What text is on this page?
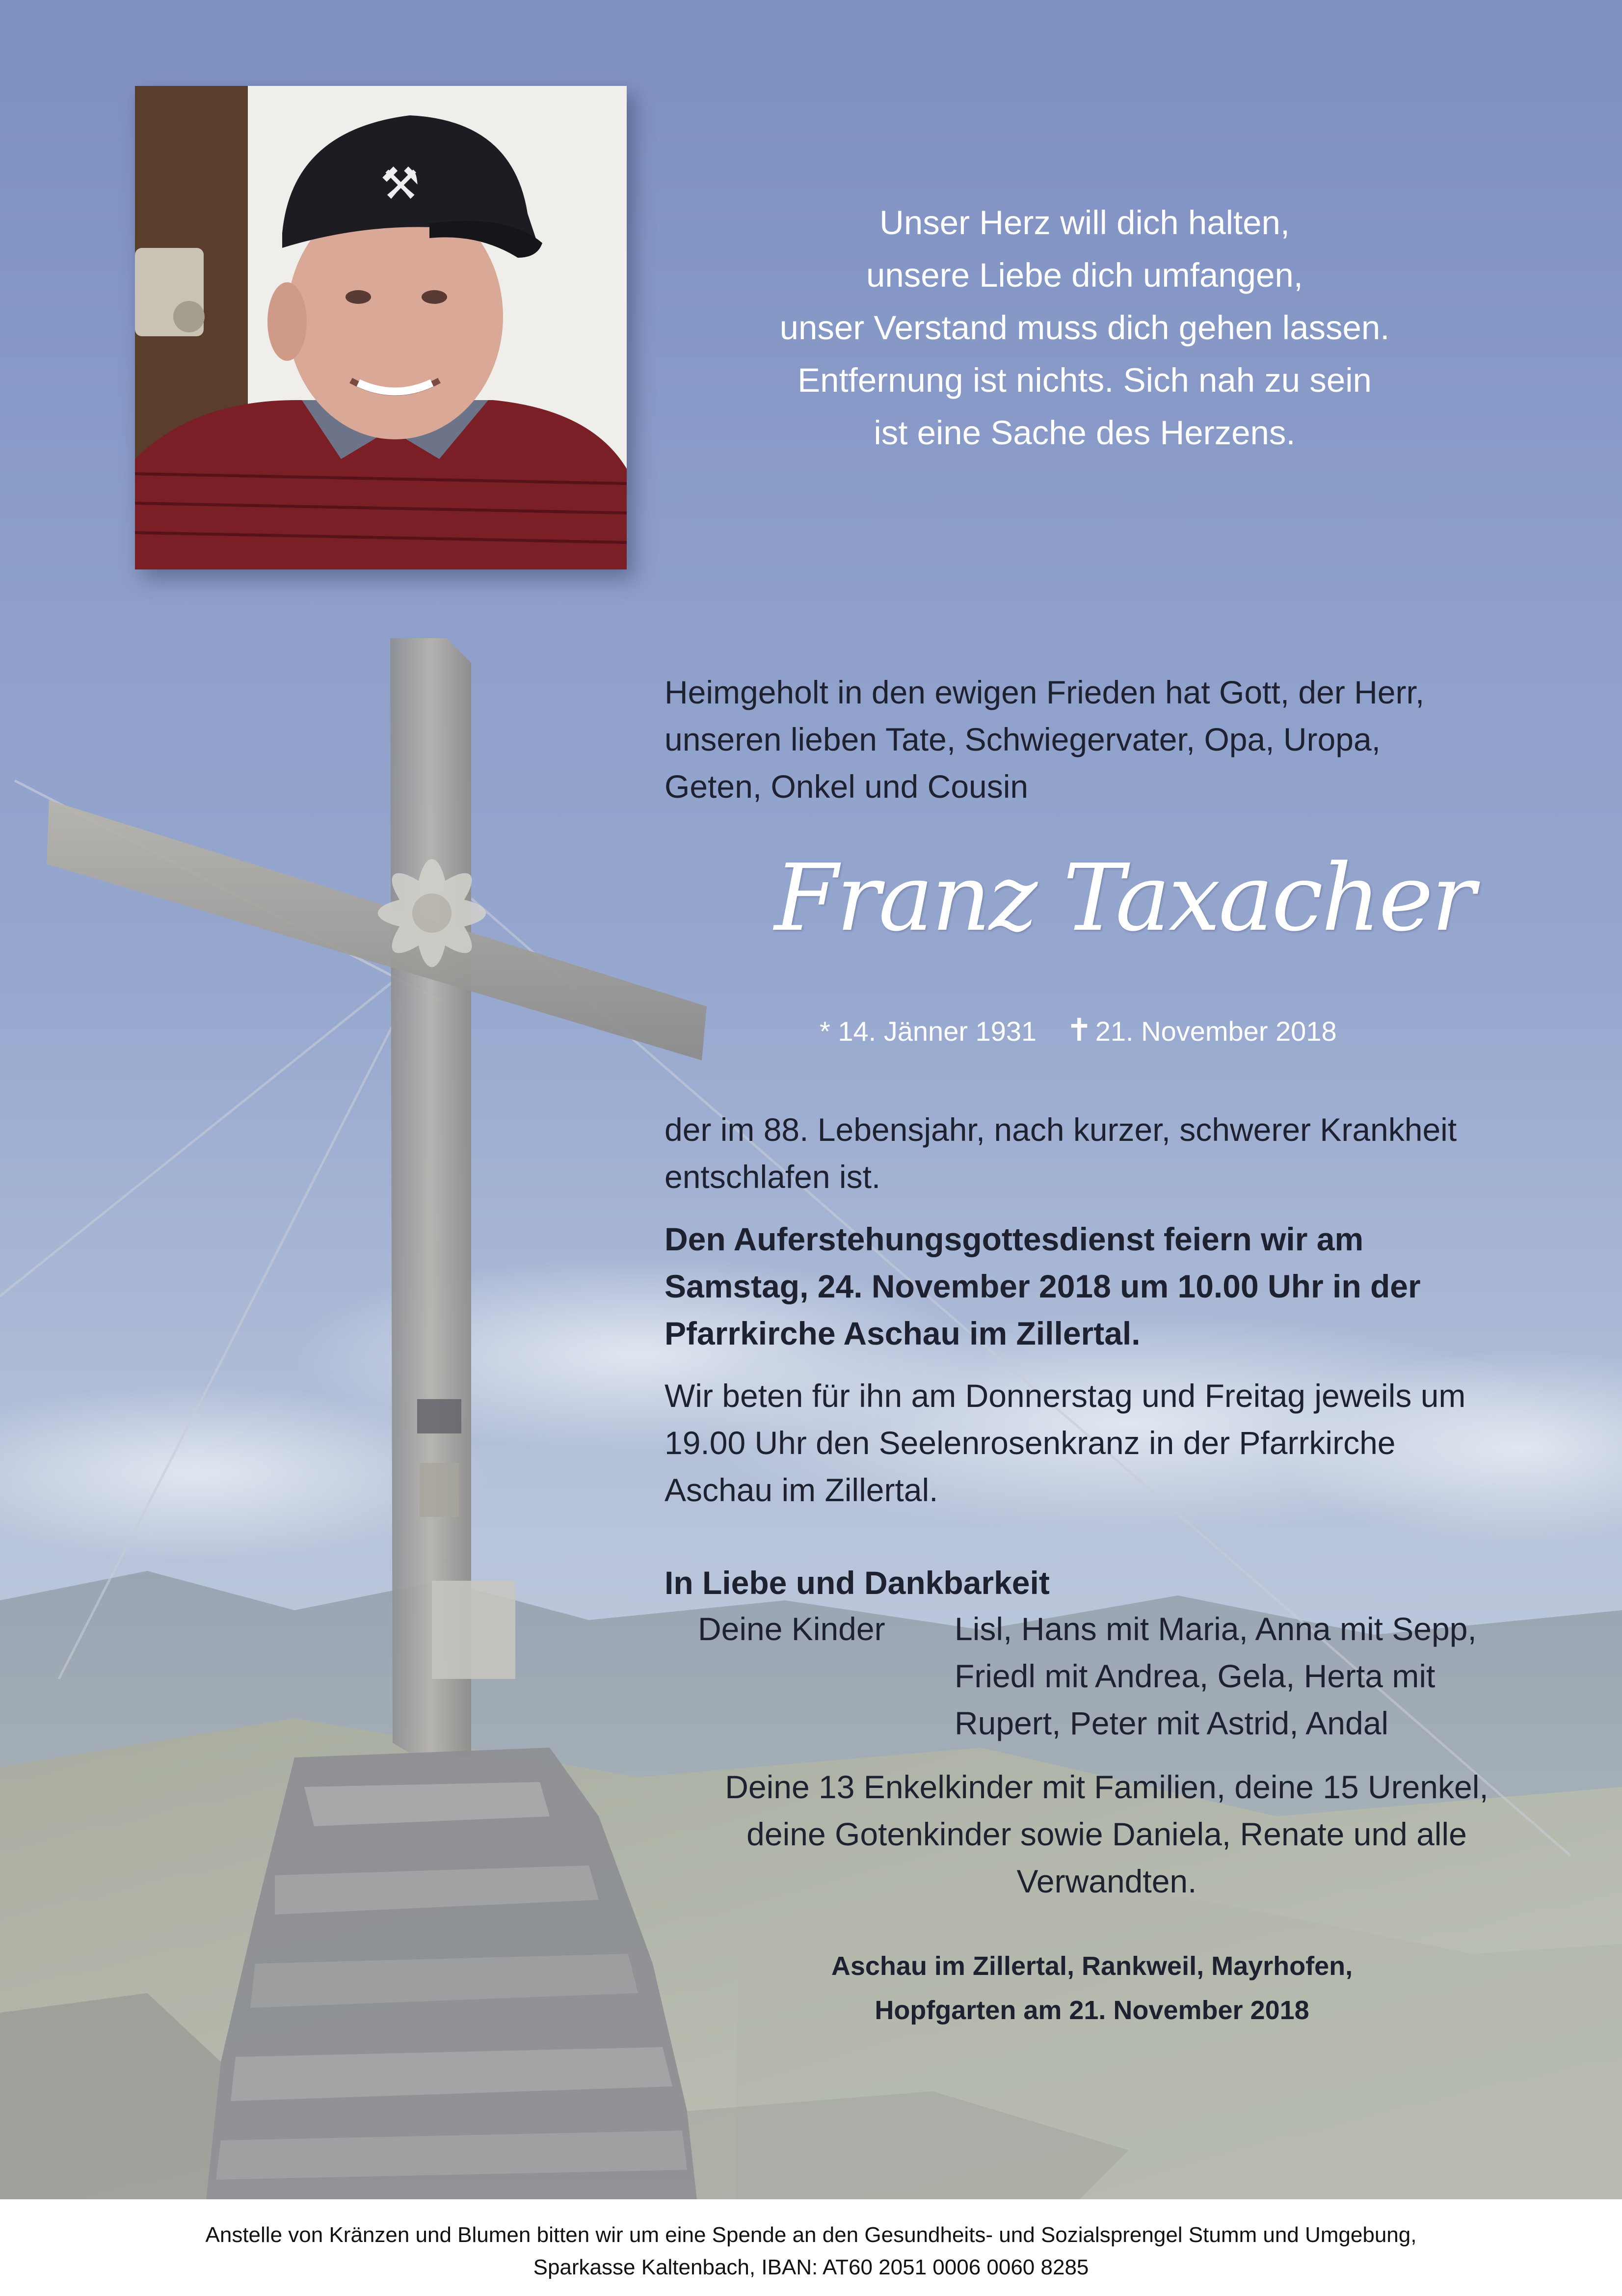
⚒
Unser Herz will dich halten,
unsere Liebe dich umfangen,
unser Verstand muss dich gehen lassen.
Entfernung ist nichts. Sich nah zu sein
ist eine Sache des Herzens.
Heimgeholt in den ewigen Frieden hat Gott, der Herr,
unseren lieben Tate, Schwiegervater, Opa, Uropa,
Geten, Onkel und Cousin
Franz Taxacher
* 14. Jänner 1931 ✝ 21. November 2018
der im 88. Lebensjahr, nach kurzer, schwerer Krankheit
entschlafen ist.
Den Auferstehungsgottesdienst feiern wir am
Samstag, 24. November 2018 um 10.00 Uhr in der
Pfarrkirche Aschau im Zillertal.
Wir beten für ihn am Donnerstag und Freitag jeweils um
19.00 Uhr den Seelenrosenkranz in der Pfarrkirche
Aschau im Zillertal.
In Liebe und Dankbarkeit
Deine Kinder Lisl, Hans mit Maria, Anna mit Sepp,
Friedl mit Andrea, Gela, Herta mit
Rupert, Peter mit Astrid, Andal
Deine 13 Enkelkinder mit Familien, deine 15 Urenkel,
deine Gotenkinder sowie Daniela, Renate und alle
Verwandten.
Aschau im Zillertal, Rankweil, Mayrhofen,
Hopfgarten am 21. November 2018
Anstelle von Kränzen und Blumen bitten wir um eine Spende an den Gesundheits- und Sozialsprengel Stumm und Umgebung,
Sparkasse Kaltenbach, IBAN: AT60 2051 0006 0060 8285
